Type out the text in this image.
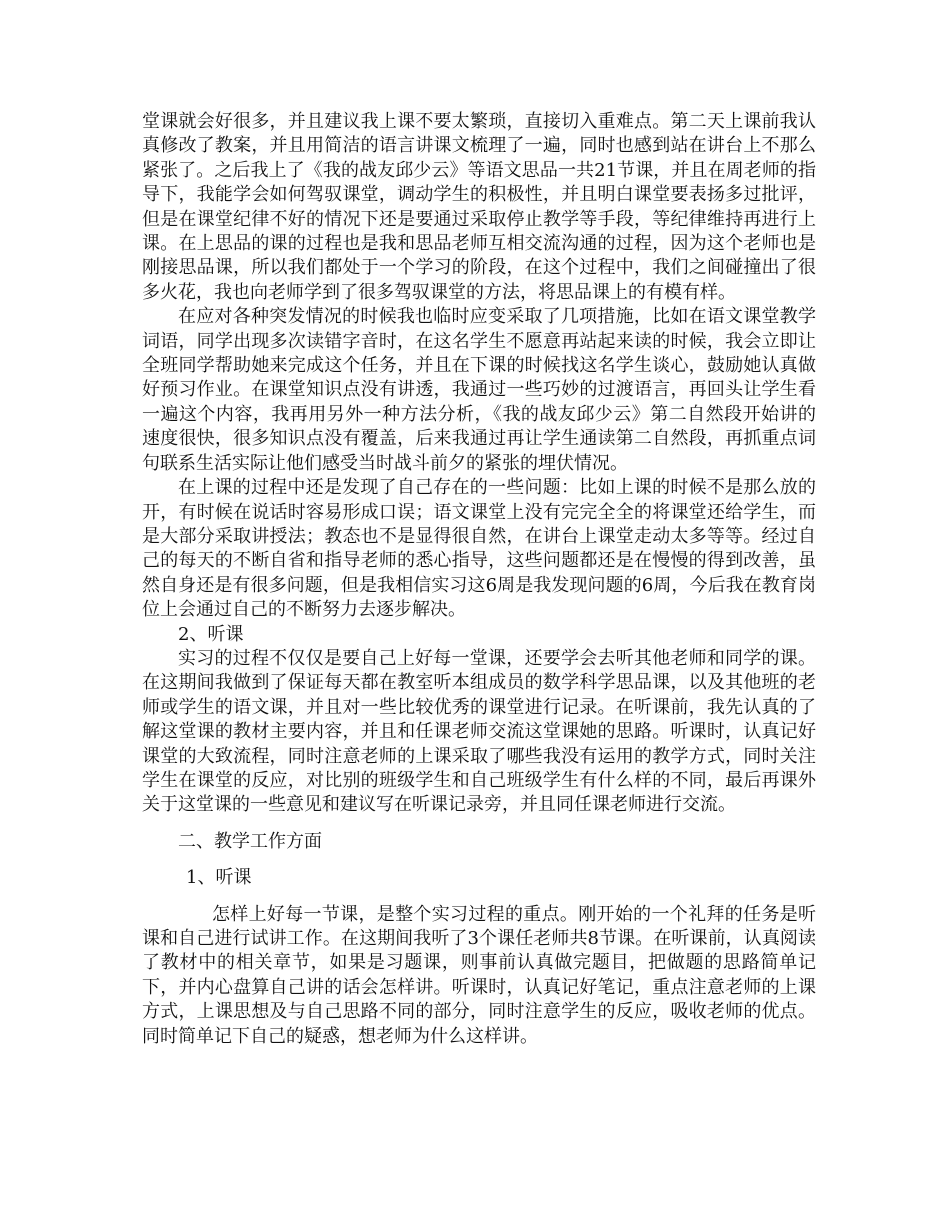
堂课就会好很多，并且建议我上课不要太繁琐，直接切入重难点。第二天上课前我认真修改了教案，并且用简洁的语言讲课文梳理了一遍，同时也感到站在讲台上不那么紧张了。之后我上了《我的战友邱少云》等语文思品一共21节课，并且在周老师的指导下，我能学会如何驾驭课堂，调动学生的积极性，并且明白课堂要表扬多过批评，但是在课堂纪律不好的情况下还是要通过采取停止教学等手段，等纪律维持再进行上课。在上思品的课的过程也是我和思品老师互相交流沟通的过程，因为这个老师也是刚接思品课，所以我们都处于一个学习的阶段，在这个过程中，我们之间碰撞出了很多火花，我也向老师学到了很多驾驭课堂的方法，将思品课上的有模有样。

在应对各种突发情况的时候我也临时应变采取了几项措施，比如在语文课堂教学词语，同学出现多次读错字音时，在这名学生不愿意再站起来读的时候，我会立即让全班同学帮助她来完成这个任务，并且在下课的时候找这名学生谈心，鼓励她认真做好预习作业。在课堂知识点没有讲透，我通过一些巧妙的过渡语言，再回头让学生看一遍这个内容，我再用另外一种方法分析，《我的战友邱少云》第二自然段开始讲的速度很快，很多知识点没有覆盖，后来我通过再让学生通读第二自然段，再抓重点词句联系生活实际让他们感受当时战斗前夕的紧张的埋伏情况。

在上课的过程中还是发现了自己存在的一些问题：比如上课的时候不是那么放的开，有时候在说话时容易形成口误；语文课堂上没有完完全全的将课堂还给学生，而是大部分采取讲授法；教态也不是显得很自然，在讲台上课堂走动太多等等。经过自己的每天的不断自省和指导老师的悉心指导，这些问题都还是在慢慢的得到改善，虽然自身还是有很多问题，但是我相信实习这6周是我发现问题的6周，今后我在教育岗位上会通过自己的不断努力去逐步解决。

2、听课

实习的过程不仅仅是要自己上好每一堂课，还要学会去听其他老师和同学的课。在这期间我做到了保证每天都在教室听本组成员的数学科学思品课，以及其他班的老师或学生的语文课，并且对一些比较优秀的课堂进行记录。在听课前，我先认真的了解这堂课的教材主要内容，并且和任课老师交流这堂课她的思路。听课时，认真记好课堂的大致流程，同时注意老师的上课采取了哪些我没有运用的教学方式，同时关注学生在课堂的反应，对比别的班级学生和自己班级学生有什么样的不同，最后再课外关于这堂课的一些意见和建议写在听课记录旁，并且同任课老师进行交流。

二、教学工作方面

1、听课

怎样上好每一节课，是整个实习过程的重点。刚开始的一个礼拜的任务是听课和自己进行试讲工作。在这期间我听了3个课任老师共8节课。在听课前，认真阅读了教材中的相关章节，如果是习题课，则事前认真做完题目，把做题的思路简单记下，并内心盘算自己讲的话会怎样讲。听课时，认真记好笔记，重点注意老师的上课方式，上课思想及与自己思路不同的部分，同时注意学生的反应，吸收老师的优点。同时简单记下自己的疑惑，想老师为什么这样讲。
